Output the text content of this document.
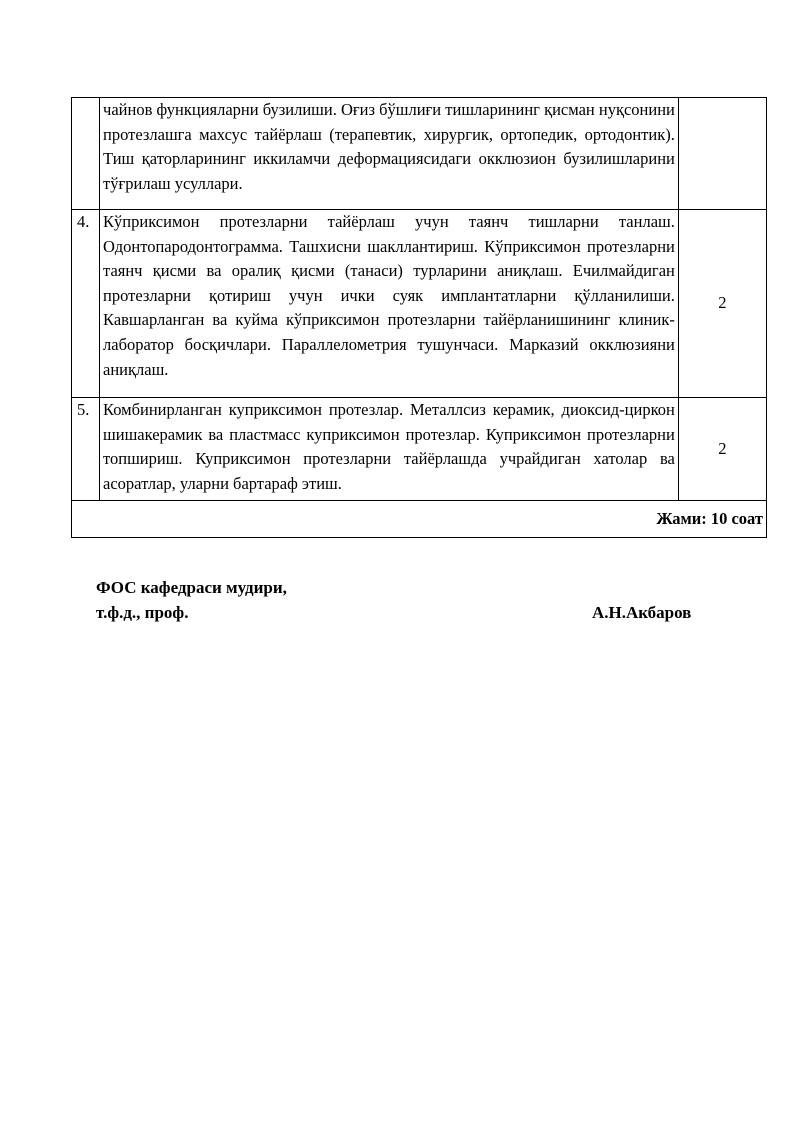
	чайнов функцияларни бузилиши. Оғиз бўшлиғи тишларининг қисман нуқсонини протезлашга махсус тайёрлаш (терапевтик, хирургик, ортопедик, ортодонтик). Тиш қаторларининг иккиламчи деформациясидаги окклюзион бузилишларини тўғрилаш усуллари.	
4.	Кўприксимон протезларни тайёрлаш учун таянч тишларни танлаш. Одонтопародонтограмма. Ташхисни шакллантириш. Кўприксимон протезларни таянч қисми ва оралиқ қисми (танаси) турларини аниқлаш. Ечилмайдиган протезларни қотириш учун ички суяк имплантатларни қўлланилиши. Кавшарланган ва куйма кўприксимон протезларни тайёрланишининг клиник-лаборатор босқичлари. Параллелометрия тушунчаси. Марказий окклюзияни аниқлаш.	2
5.	Комбинирланган куприксимон протезлар. Металлсиз керамик, диоксид-циркон шишакерамик ва пластмасс куприксимон протезлар. Куприксимон протезларни топшириш. Куприксимон протезларни тайёрлашда учрайдиган хатолар ва асоратлар, уларни бартараф этиш.	2
Жами: 10 соат		
ФОС кафедраси мудири,
т.ф.д., проф.	А.Н.Акбаров
